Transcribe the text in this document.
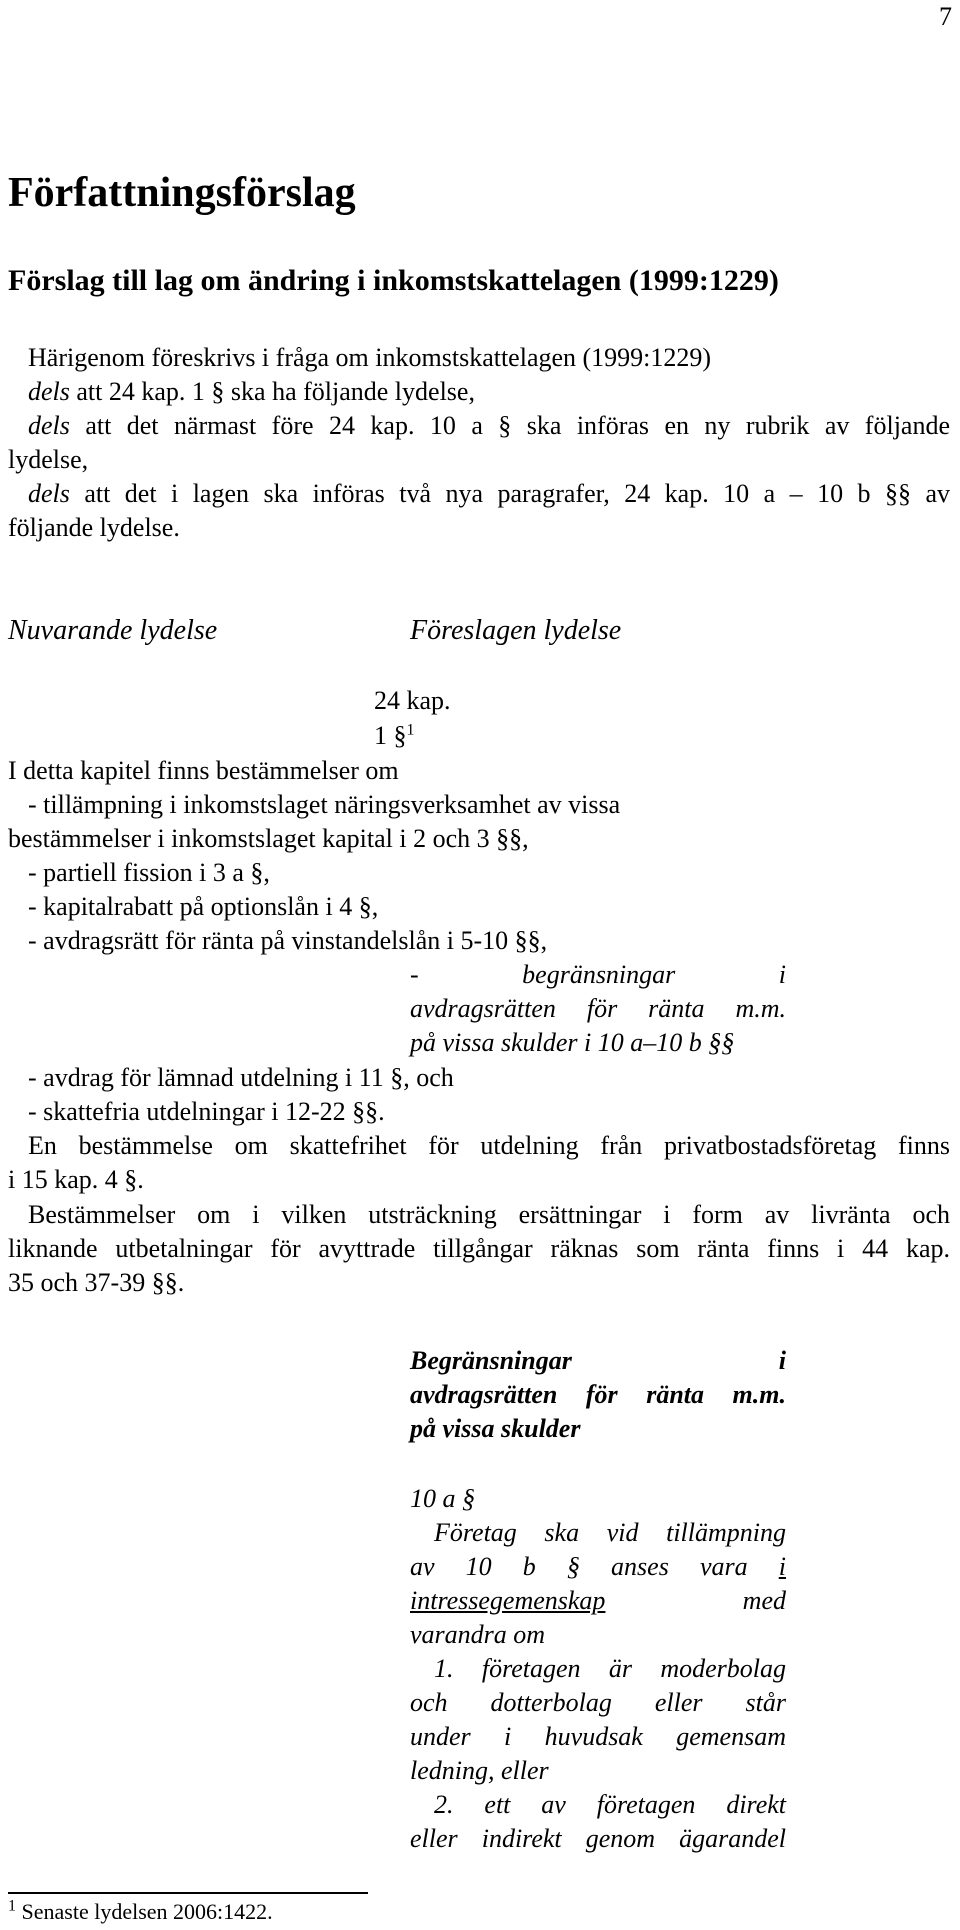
7
Författningsförslag
Förslag till lag om ändring i inkomstskattelagen (1999:1229)
Härigenom föreskrivs i fråga om inkomstskattelagen (1999:1229)
dels att 24 kap. 1 § ska ha följande lydelse,
dels att det närmast före 24 kap. 10 a § ska införas en ny rubrik av följande
lydelse,
dels att det i lagen ska införas två nya paragrafer, 24 kap. 10 a – 10 b §§ av
följande lydelse.
Nuvarande lydelse	Föreslagen lydelse
24 kap.
1 §$^1$
I detta kapitel finns bestämmelser om
- tillämpning i inkomstslaget näringsverksamhet av vissa
bestämmelser i inkomstslaget kapital i 2 och 3 §§,
- partiell fission i 3 a §,
- kapitalrabatt på optionslån i 4 §,
- avdragsrätt för ränta på vinstandelslån i 5-10 §§,
- begränsningar i
avdragsrätten för ränta m.m.
på vissa skulder i 10 a–10 b §§
- avdrag för lämnad utdelning i 11 §, och
- skattefria utdelningar i 12-22 §§.
En bestämmelse om skattefrihet för utdelning från privatbostadsföretag finns
i 15 kap. 4 §.
Bestämmelser om i vilken utsträckning ersättningar i form av livränta och
liknande utbetalningar för avyttrade tillgångar räknas som ränta finns i 44 kap.
35 och 37-39 §§.
Begränsningar i
avdragsrätten för ränta m.m.
på vissa skulder
10 a §
Företag ska vid tillämpning
av 10 b § anses vara i
intressegemenskap med
varandra om
1. företagen är moderbolag
och dotterbolag eller står
under i huvudsak gemensam
ledning, eller
2. ett av företagen direkt
eller indirekt genom ägarandel
$^1$ Senaste lydelsen 2006:1422.
